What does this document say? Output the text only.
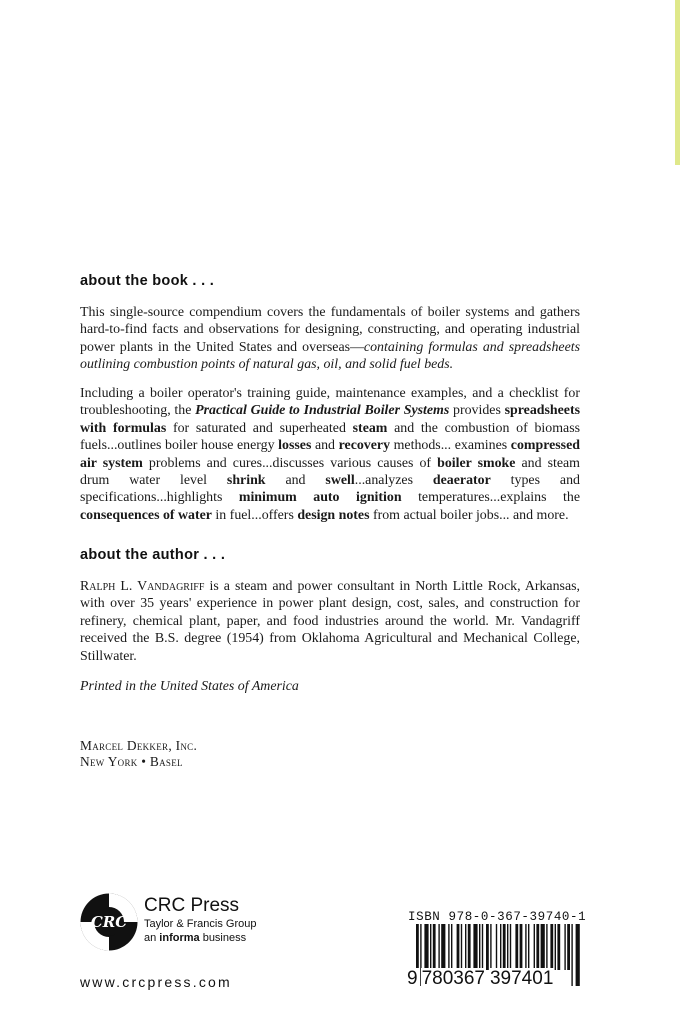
about the book . . .

This single-source compendium covers the fundamentals of boiler systems and gathers hard-to-find facts and observations for designing, constructing, and operating industrial power plants in the United States and overseas—containing formulas and spreadsheets outlining combustion points of natural gas, oil, and solid fuel beds.

Including a boiler operator's training guide, maintenance examples, and a checklist for troubleshooting, the Practical Guide to Industrial Boiler Systems provides spreadsheets with formulas for saturated and superheated steam and the combustion of biomass fuels...outlines boiler house energy losses and recovery methods... examines compressed air system problems and cures...discusses various causes of boiler smoke and steam drum water level shrink and swell...analyzes deaerator types and specifications...highlights minimum auto ignition temperatures...explains the consequences of water in fuel...offers design notes from actual boiler jobs... and more.

about the author . . .

Ralph L. Vandagriff is a steam and power consultant in North Little Rock, Arkansas, with over 35 years' experience in power plant design, cost, sales, and construction for refinery, chemical plant, paper, and food industries around the world. Mr. Vandagriff received the B.S. degree (1954) from Oklahoma Agricultural and Mechanical College, Stillwater.

Printed in the United States of America
Marcel Dekker, Inc.
New York • Basel
CRC
CRC Press
Taylor & Francis Group
an informa business
www.crcpress.com
ISBN 978-0-367-39740-1
9 780367 397401
